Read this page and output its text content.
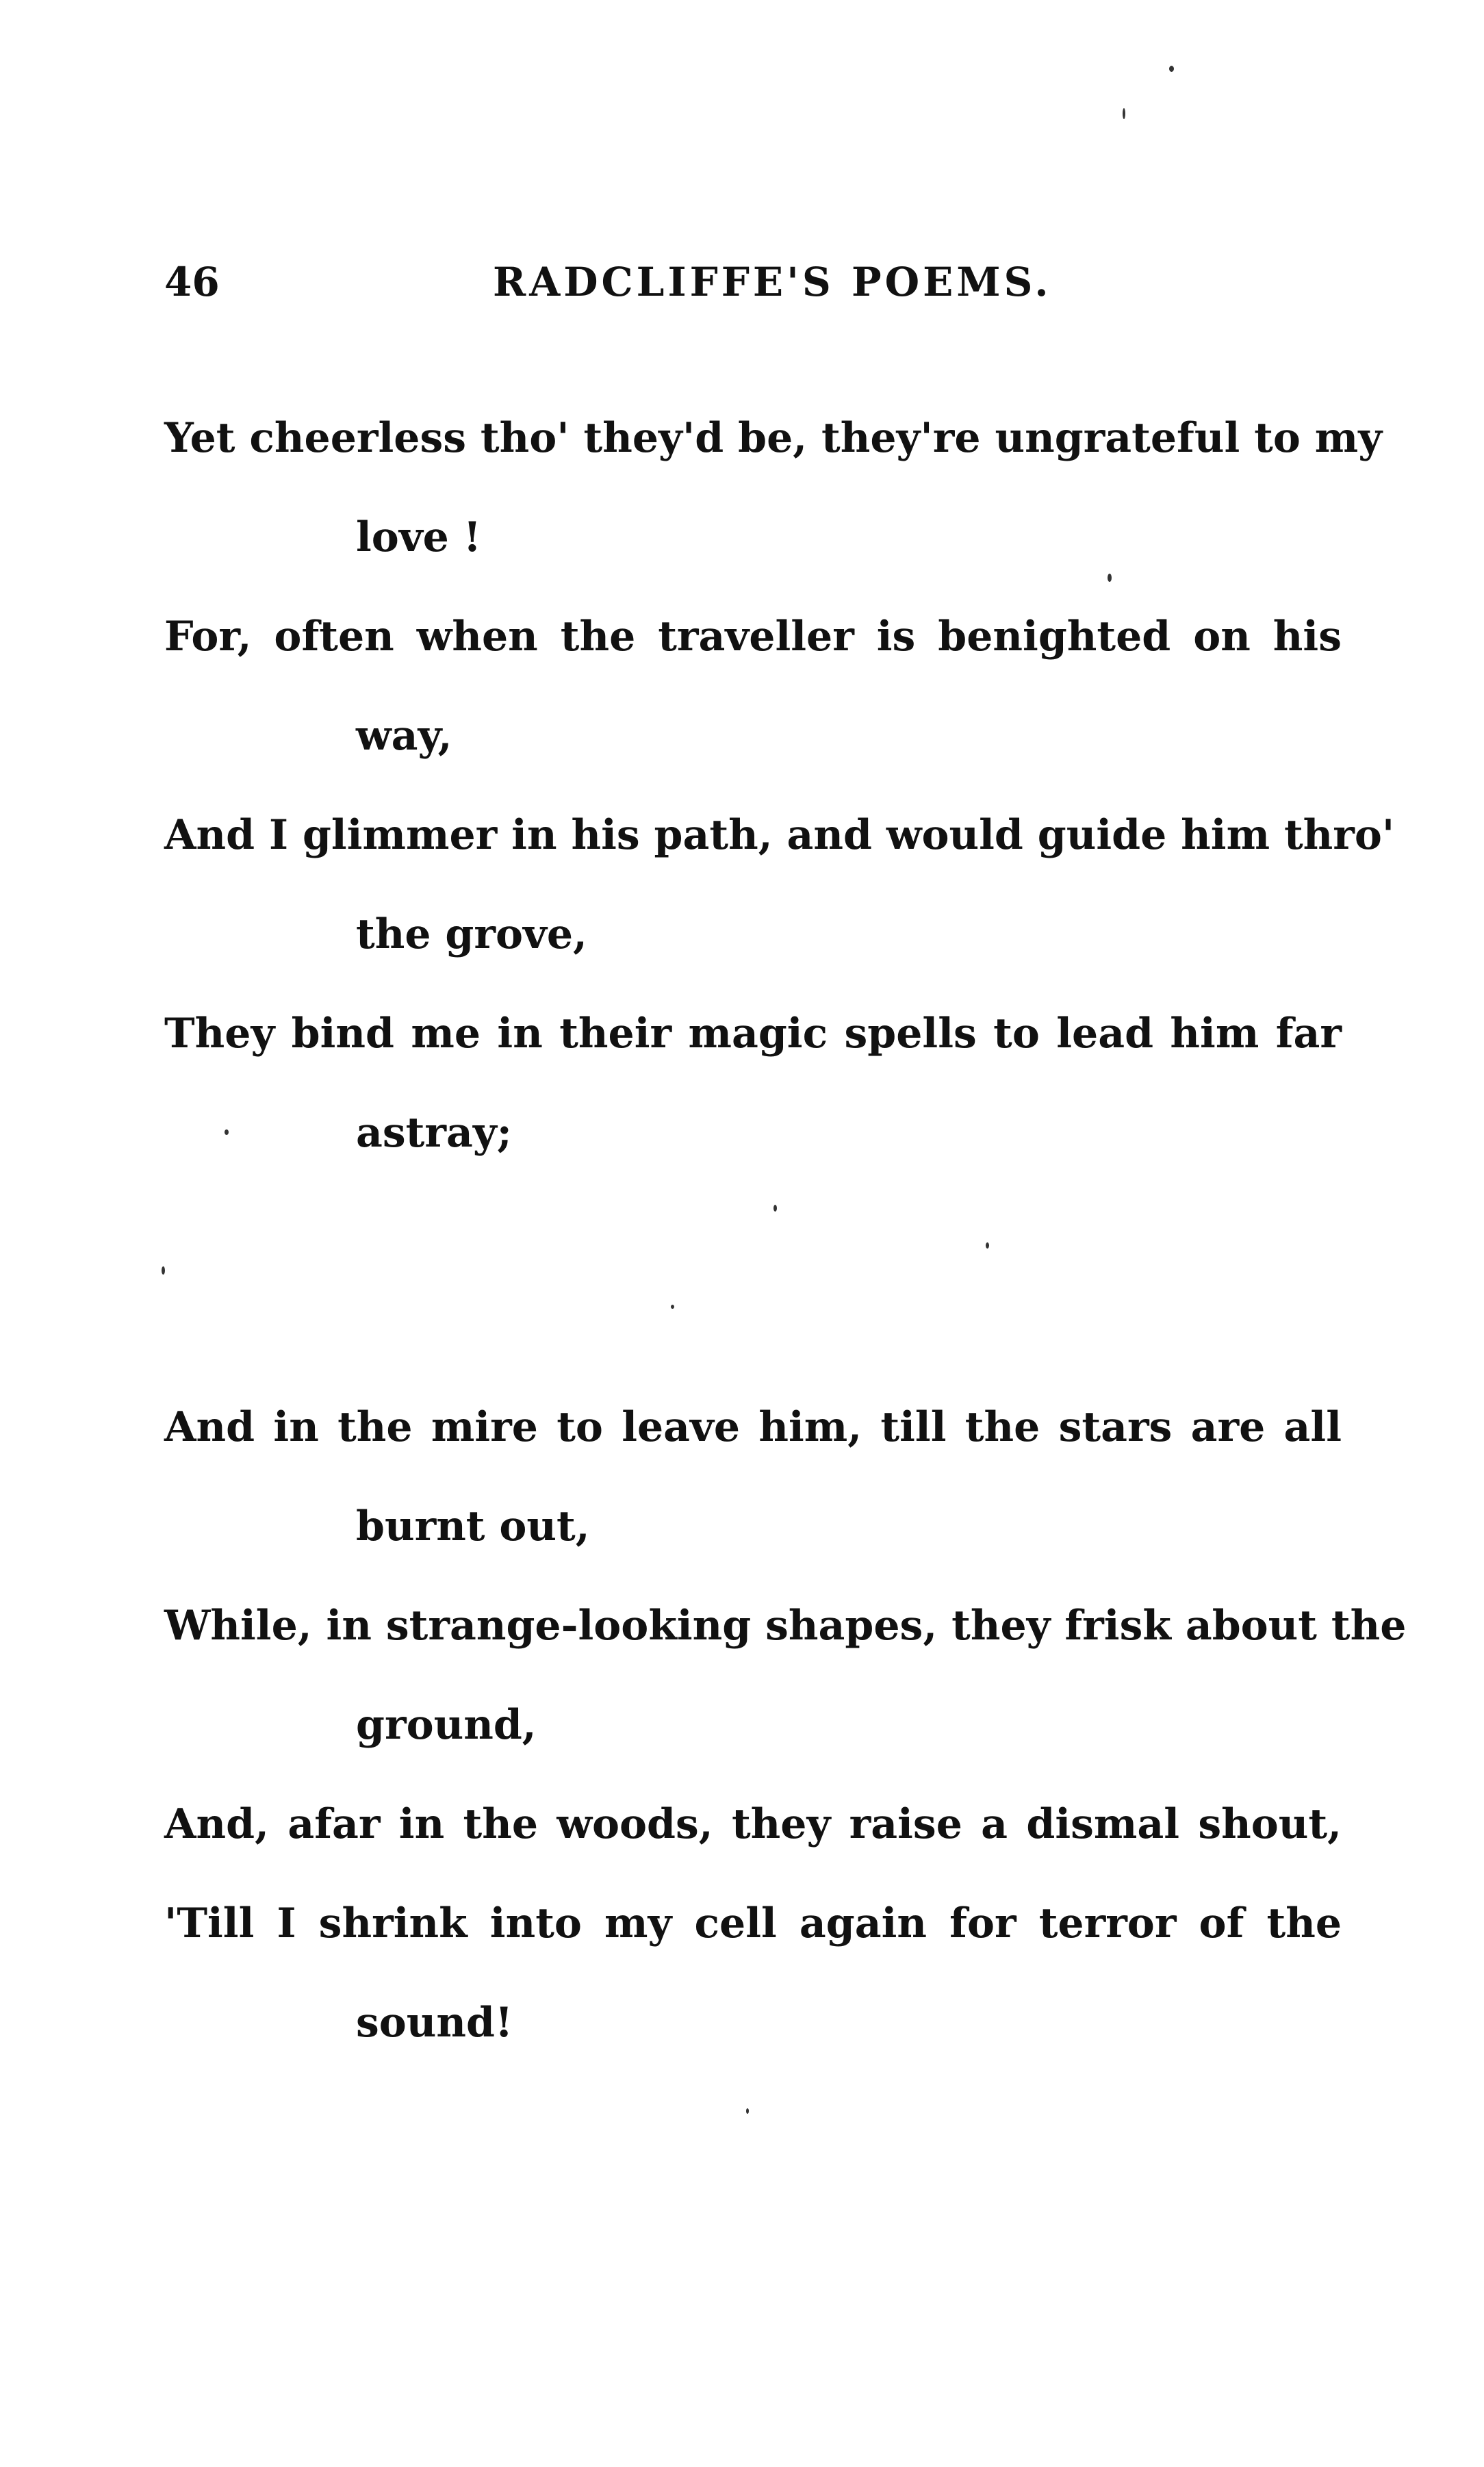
46	RADCLIFFE'S POEMS.
Yet cheerless tho' they'd be, they're ungrateful to my
love !
For, often when the traveller is benighted on his
way,
And I glimmer in his path, and would guide him thro'
the grove,
They bind me in their magic spells to lead him far
astray;
And in the mire to leave him, till the stars are all
burnt out,
While, in strange-looking shapes, they frisk about the
ground,
And, afar in the woods, they raise a dismal shout,
'Till I shrink into my cell again for terror of the
sound!
